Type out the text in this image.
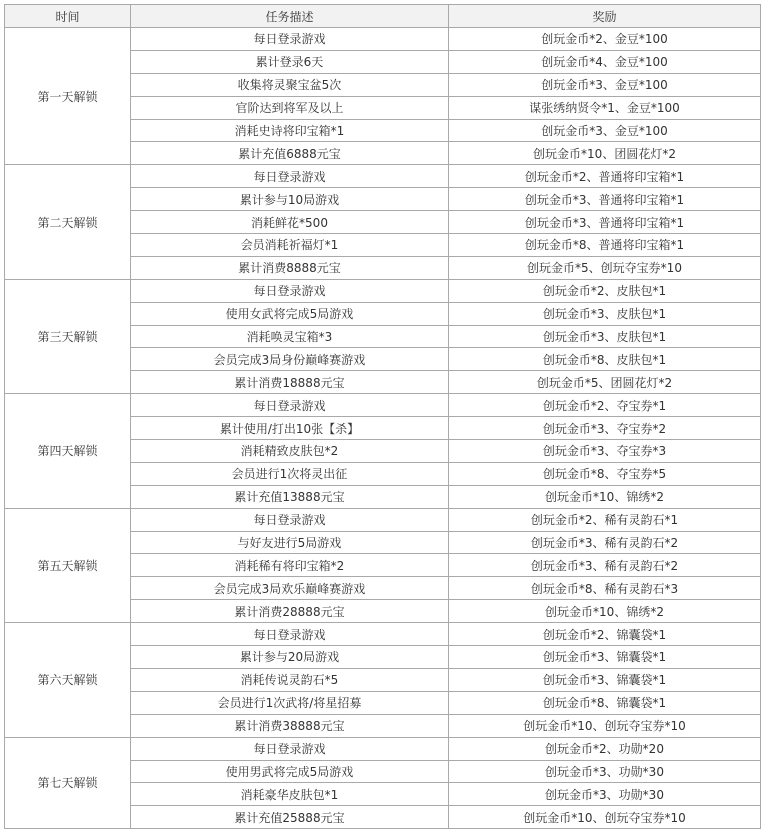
时间	任务描述	奖励
第一天解锁	每日登录游戏	创玩金币*2、金豆*100
	累计登录6天	创玩金币*4、金豆*100
	收集将灵聚宝盆5次	创玩金币*3、金豆*100
	官阶达到将军及以上	谋张绣纳贤令*1、金豆*100
	消耗史诗将印宝箱*1	创玩金币*3、金豆*100
	累计充值6888元宝	创玩金币*10、团圆花灯*2
第二天解锁	每日登录游戏	创玩金币*2、普通将印宝箱*1
	累计参与10局游戏	创玩金币*3、普通将印宝箱*1
	消耗鲜花*500	创玩金币*3、普通将印宝箱*1
	会员消耗祈福灯*1	创玩金币*8、普通将印宝箱*1
	累计消费8888元宝	创玩金币*5、创玩夺宝券*10
第三天解锁	每日登录游戏	创玩金币*2、皮肤包*1
	使用女武将完成5局游戏	创玩金币*3、皮肤包*1
	消耗唤灵宝箱*3	创玩金币*3、皮肤包*1
	会员完成3局身份巅峰赛游戏	创玩金币*8、皮肤包*1
	累计消费18888元宝	创玩金币*5、团圆花灯*2
第四天解锁	每日登录游戏	创玩金币*2、夺宝券*1
	累计使用/打出10张【杀】	创玩金币*3、夺宝券*2
	消耗精致皮肤包*2	创玩金币*3、夺宝券*3
	会员进行1次将灵出征	创玩金币*8、夺宝券*5
	累计充值13888元宝	创玩金币*10、锦绣*2
第五天解锁	每日登录游戏	创玩金币*2、稀有灵韵石*1
	与好友进行5局游戏	创玩金币*3、稀有灵韵石*2
	消耗稀有将印宝箱*2	创玩金币*3、稀有灵韵石*2
	会员完成3局欢乐巅峰赛游戏	创玩金币*8、稀有灵韵石*3
	累计消费28888元宝	创玩金币*10、锦绣*2
第六天解锁	每日登录游戏	创玩金币*2、锦囊袋*1
	累计参与20局游戏	创玩金币*3、锦囊袋*1
	消耗传说灵韵石*5	创玩金币*3、锦囊袋*1
	会员进行1次武将/将星招募	创玩金币*8、锦囊袋*1
	累计消费38888元宝	创玩金币*10、创玩夺宝券*10
第七天解锁	每日登录游戏	创玩金币*2、功勋*20
	使用男武将完成5局游戏	创玩金币*3、功勋*30
	消耗豪华皮肤包*1	创玩金币*3、功勋*30
	累计充值25888元宝	创玩金币*10、创玩夺宝券*10
